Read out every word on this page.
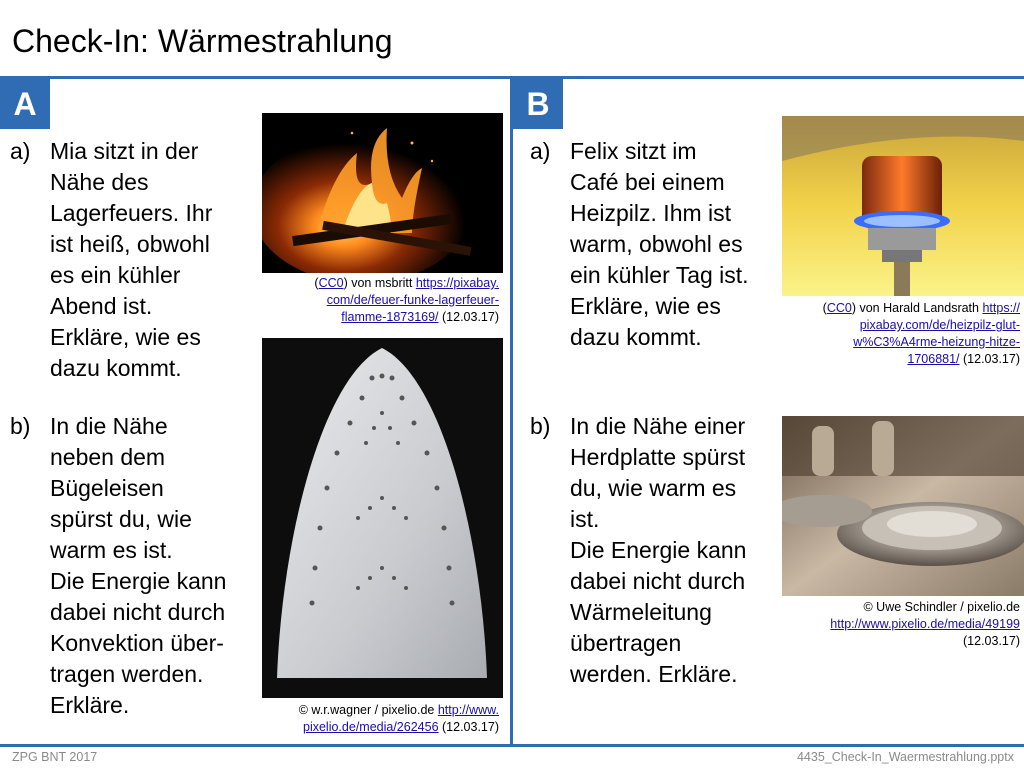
Check-In: Wärmestrahlung
A
a) Mia sitzt in der
Nähe des
Lagerfeuers. Ihr
ist heiß, obwohl
es ein kühler
Abend ist.
Erkläre, wie es
dazu kommt.
b) In die Nähe
neben dem
Bügeleisen
spürst du, wie
warm es ist.
Die Energie kann
dabei nicht durch
Konvektion über-
tragen werden.
Erkläre.
(CC0) von msbritt https://pixabay.
com/de/feuer-funke-lagerfeuer-
flamme-1873169/ (12.03.17)
© w.r.wagner / pixelio.de http://www.
pixelio.de/media/262456 (12.03.17)
B
a) Felix sitzt im
Café bei einem
Heizpilz. Ihm ist
warm, obwohl es
ein kühler Tag ist.
Erkläre, wie es
dazu kommt.
b) In die Nähe einer
Herdplatte spürst
du, wie warm es
ist.
Die Energie kann
dabei nicht durch
Wärmeleitung
übertragen
werden. Erkläre.
(CC0) von Harald Landsrath https://
pixabay.com/de/heizpilz-glut-
w%C3%A4rme-heizung-hitze-
1706881/ (12.03.17)
© Uwe Schindler / pixelio.de
http://www.pixelio.de/media/49199
(12.03.17)
ZPG BNT 2017	4435_Check-In_Waermestrahlung.pptx
